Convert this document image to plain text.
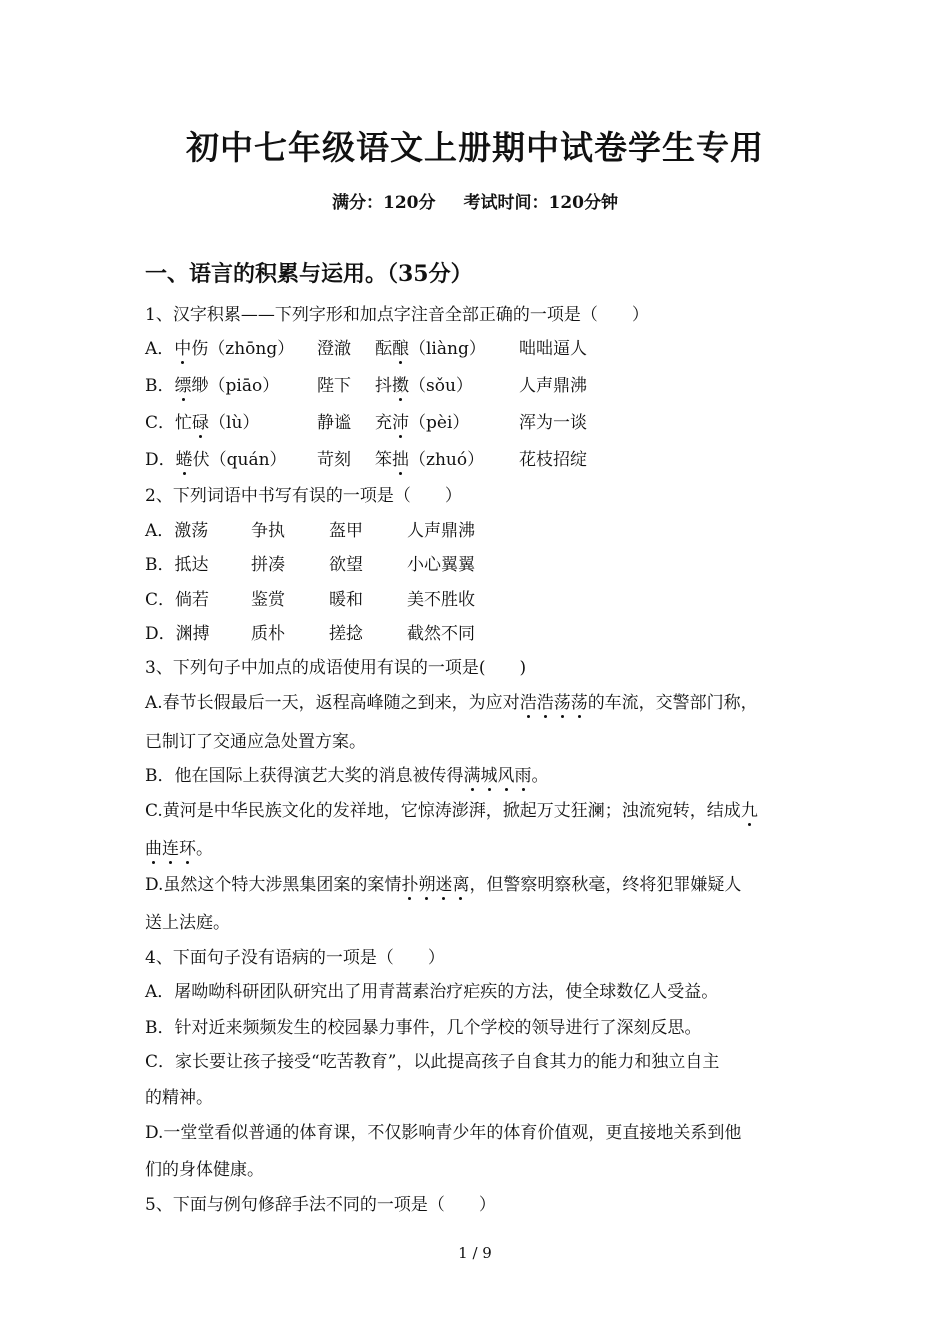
初中七年级语文上册期中试卷学生专用
满分：120分 考试时间：120分钟
一、语言的积累与运用。（35分）
1、汉字积累——下列字形和加点字注音全部正确的一项是（　　）
A．中伤（zhōng） 澄澈 酝酿（liàng） 咄咄逼人
B．缥缈（piāo） 陛下 抖擞（sǒu）	人声鼎沸
C．忙碌（lù）	静谧 充沛（pèi）	浑为一谈
D．蜷伏（quán） 苛刻 笨拙（zhuó） 花枝招绽
2、下列词语中书写有误的一项是（　　）
A．激荡	争执	盔甲	人声鼎沸
B．抵达	拼凑	欲望	小心翼翼
C．倘若 鉴赏	暖和	美不胜收
D．渊搏 质朴	搓捻	截然不同
3、下列句子中加点的成语使用有误的一项是(　　)
A.春节长假最后一天，返程高峰随之到来，为应对浩浩荡荡的车流，交警部门称，
已制订了交通应急处置方案。
B．他在国际上获得演艺大奖的消息被传得满城风雨。
C.黄河是中华民族文化的发祥地，它惊涛澎湃，掀起万丈狂澜；浊流宛转，结成九
曲连环。
D.虽然这个特大涉黑集团案的案情扑朔迷离，但警察明察秋毫，终将犯罪嫌疑人
送上法庭。
4、下面句子没有语病的一项是（　　）
A．屠呦呦科研团队研究出了用青蒿素治疗疟疾的方法，使全球数亿人受益。
B．针对近来频频发生的校园暴力事件，几个学校的领导进行了深刻反思。
C．家长要让孩子接受“吃苦教育”，以此提高孩子自食其力的能力和独立自主
的精神。
D.一堂堂看似普通的体育课，不仅影响青少年的体育价值观，更直接地关系到他
们的身体健康。
5、下面与例句修辞手法不同的一项是（　　）
1 / 9
